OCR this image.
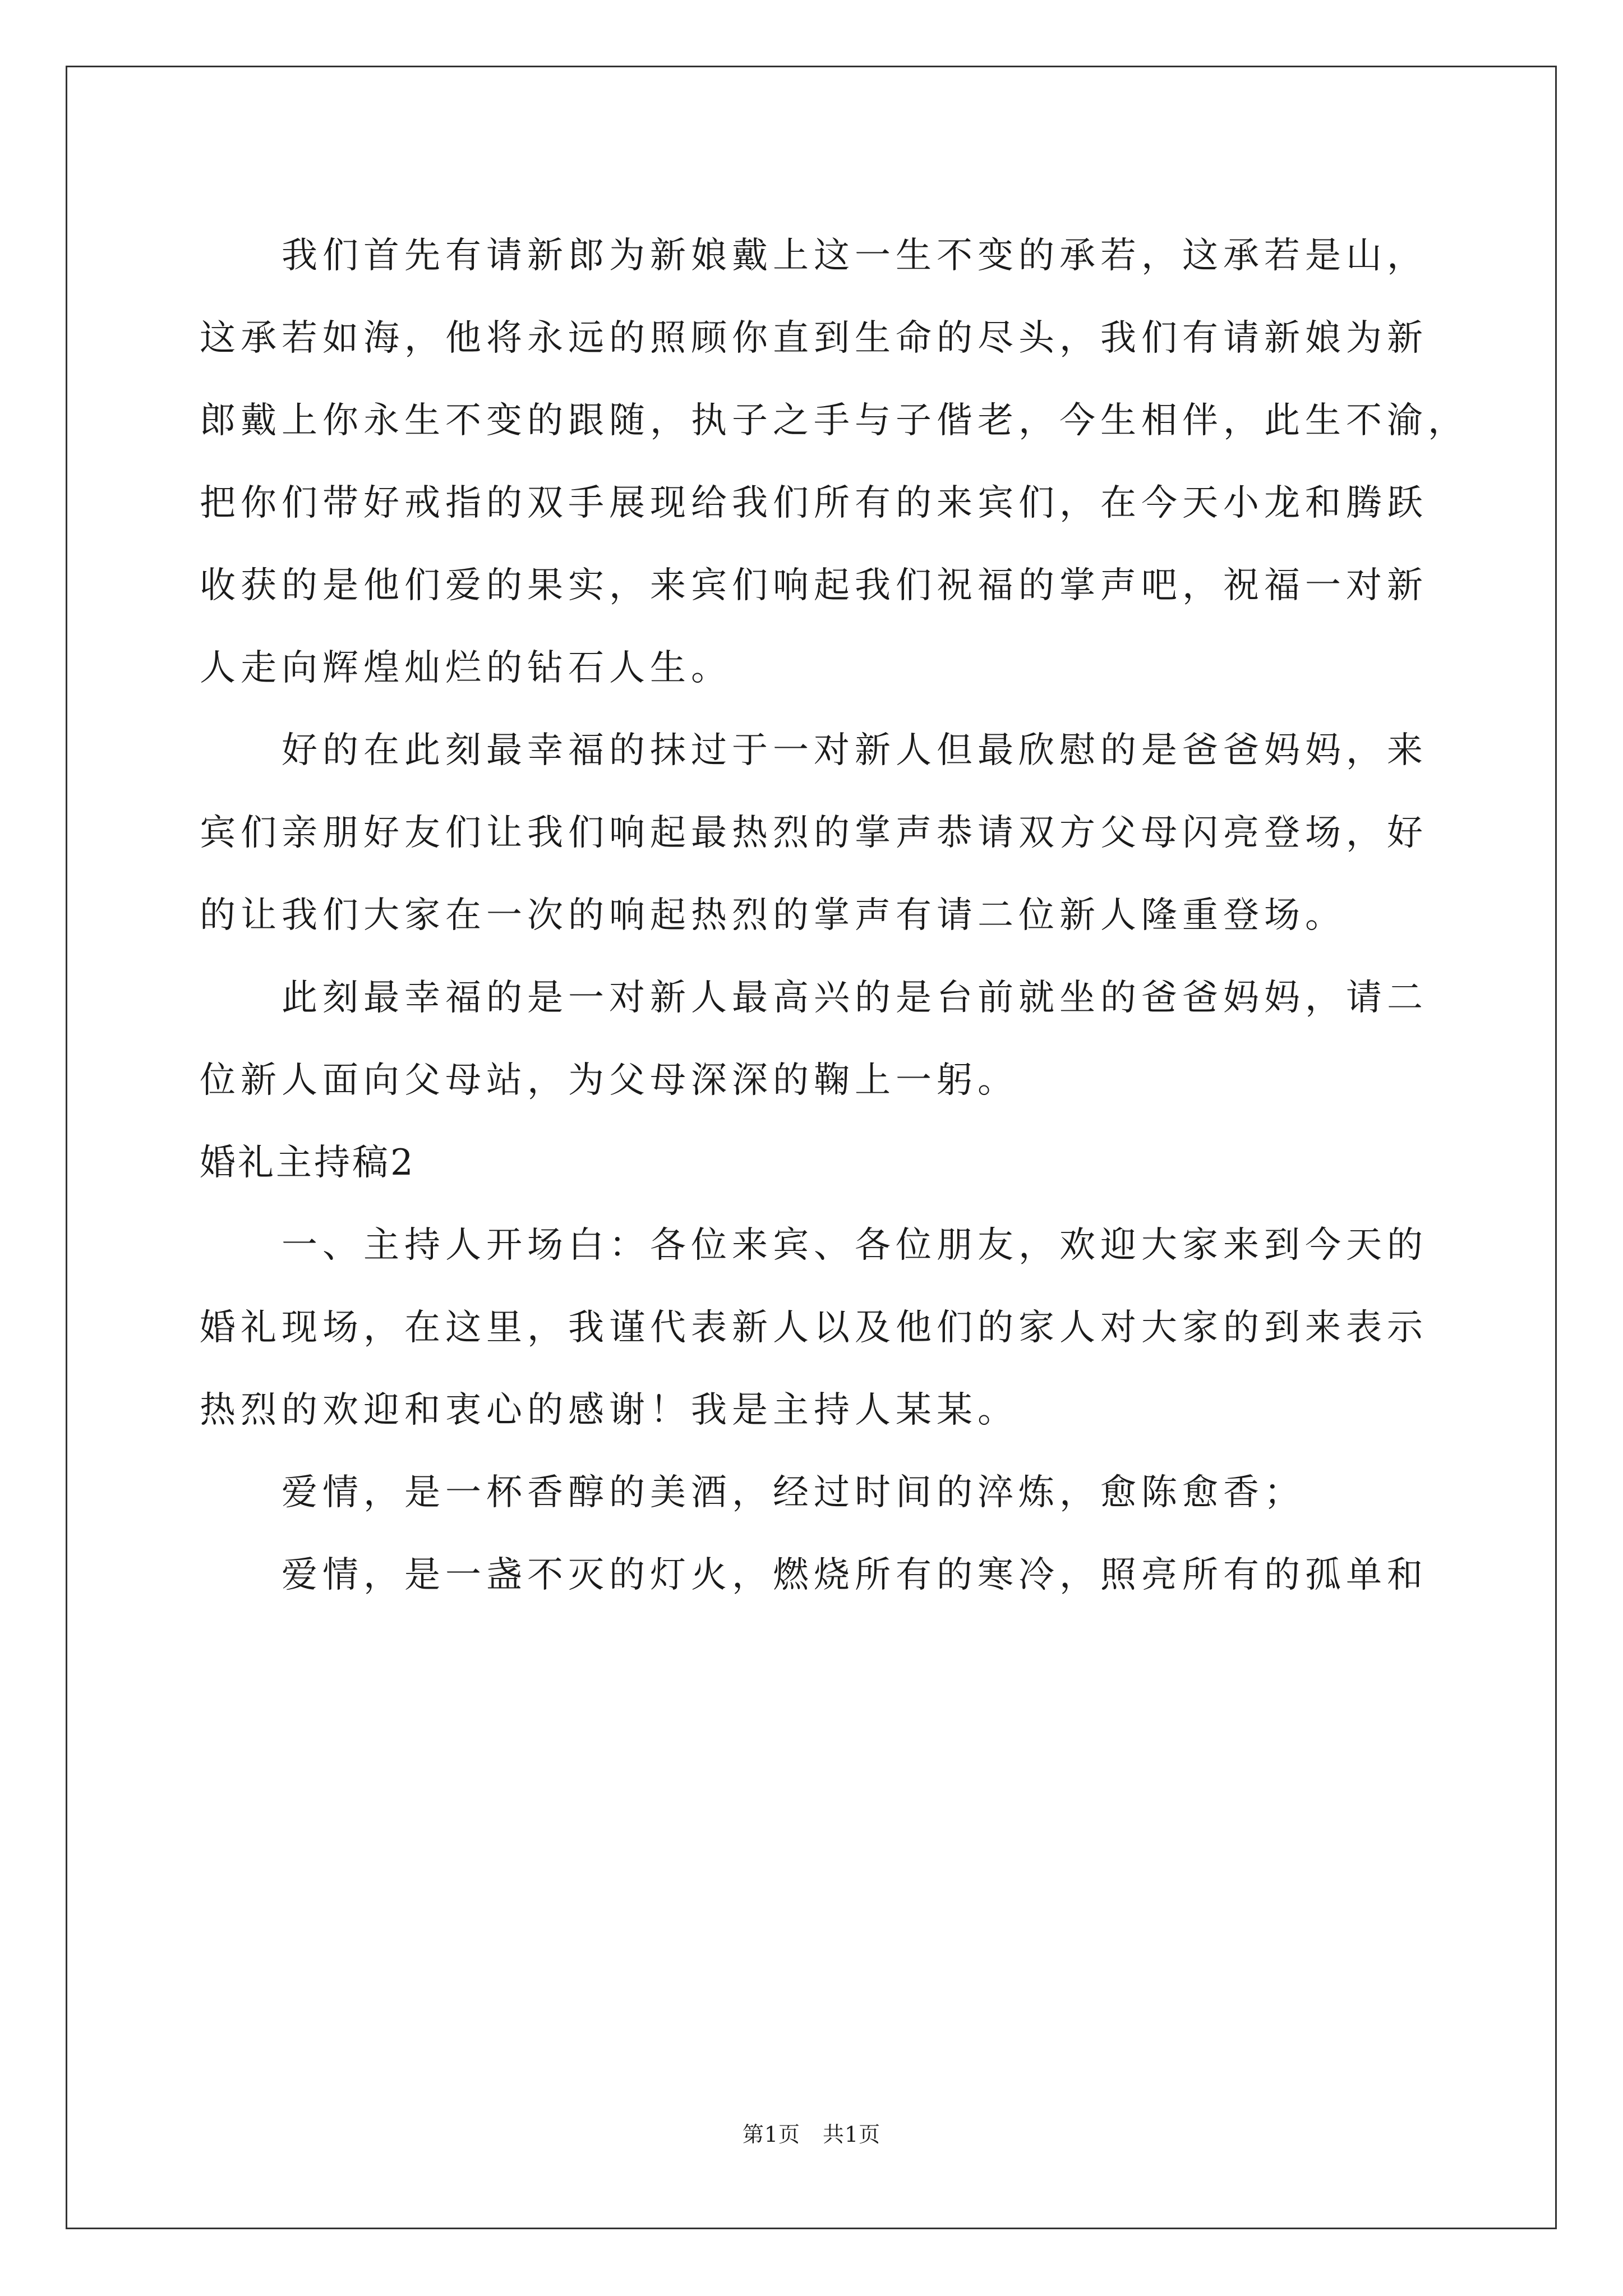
我们首先有请新郎为新娘戴上这一生不变的承若，这承若是山，
这承若如海，他将永远的照顾你直到生命的尽头，我们有请新娘为新
郎戴上你永生不变的跟随，执子之手与子偕老，今生相伴，此生不渝，
把你们带好戒指的双手展现给我们所有的来宾们，在今天小龙和腾跃
收获的是他们爱的果实，来宾们响起我们祝福的掌声吧，祝福一对新
人走向辉煌灿烂的钻石人生。
好的在此刻最幸福的抹过于一对新人但最欣慰的是爸爸妈妈，来
宾们亲朋好友们让我们响起最热烈的掌声恭请双方父母闪亮登场，好
的让我们大家在一次的响起热烈的掌声有请二位新人隆重登场。
此刻最幸福的是一对新人最高兴的是台前就坐的爸爸妈妈，请二
位新人面向父母站，为父母深深的鞠上一躬。
婚礼主持稿2
一、主持人开场白：各位来宾、各位朋友，欢迎大家来到今天的
婚礼现场，在这里，我谨代表新人以及他们的家人对大家的到来表示
热烈的欢迎和衷心的感谢！我是主持人某某。
爱情，是一杯香醇的美酒，经过时间的淬炼，愈陈愈香；
爱情，是一盏不灭的灯火，燃烧所有的寒冷，照亮所有的孤单和
第1页 共1页
